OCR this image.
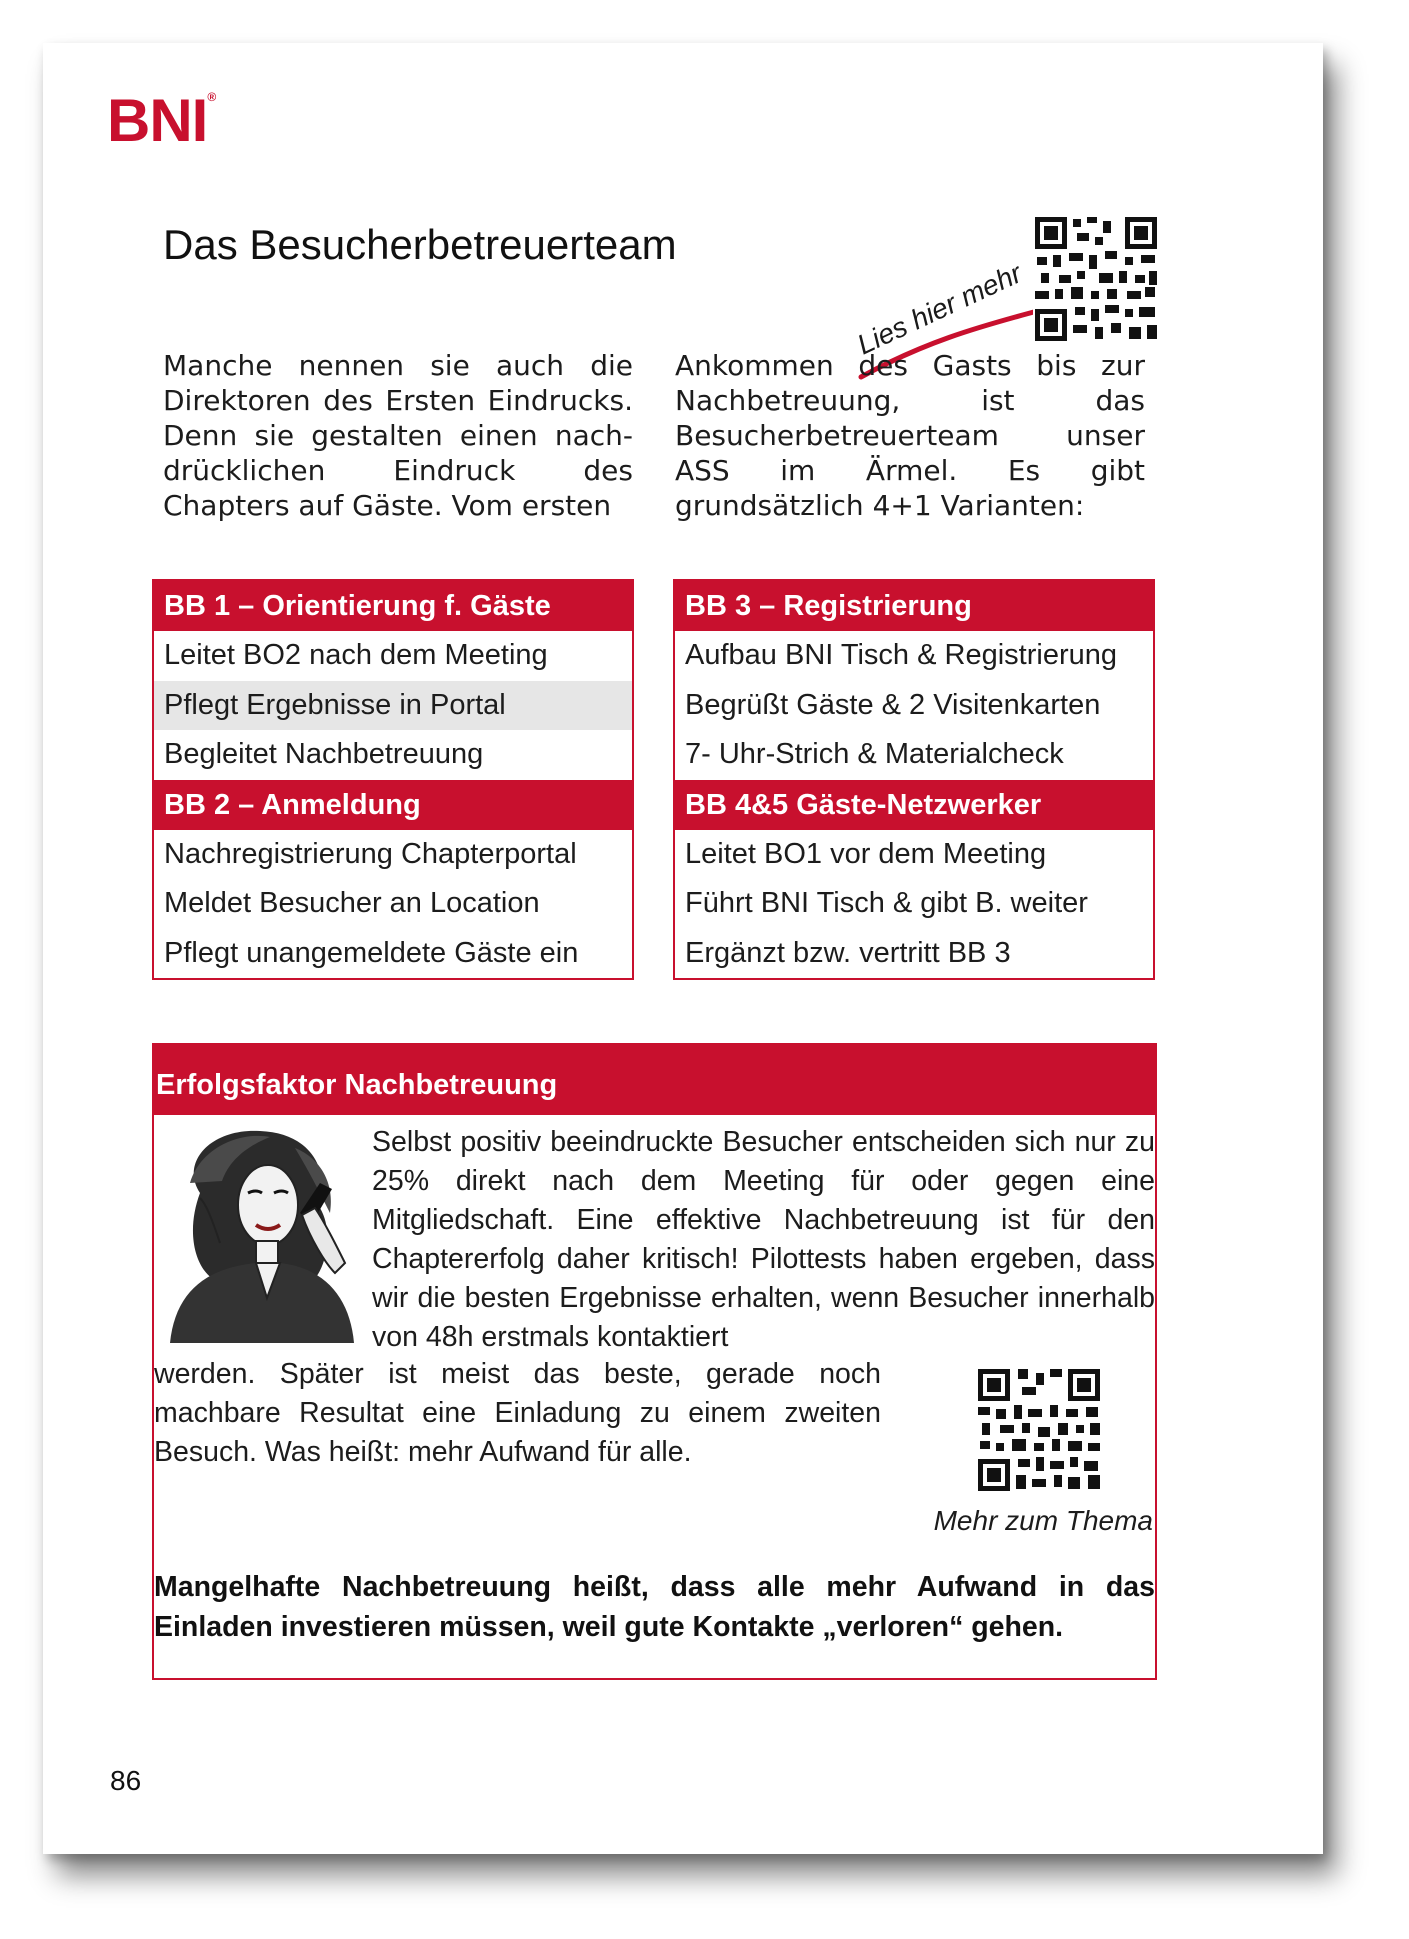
BNI®
Das Besucherbetreuerteam
Lies hier mehr
Manche nennen sie auch die Direktoren des Ersten Eindrucks. Denn sie gestalten einen nach-drücklichen Eindruck des Chapters auf Gäste. Vom ersten
Ankommen des Gasts bis zur Nachbetreuung, ist das Besucherbetreuerteam unser ASS im Ärmel. Es gibt grundsätzlich 4+1 Varianten:
BB 1 – Orientierung f. Gäste
Leitet BO2 nach dem Meeting
Pflegt Ergebnisse in Portal
Begleitet Nachbetreuung
BB 2 – Anmeldung
Nachregistrierung Chapterportal
Meldet Besucher an Location
Pflegt unangemeldete Gäste ein
BB 3 – Registrierung
Aufbau BNI Tisch & Registrierung
Begrüßt Gäste & 2 Visitenkarten
7- Uhr-Strich & Materialcheck
BB 4&5 Gäste-Netzwerker
Leitet BO1 vor dem Meeting
Führt BNI Tisch & gibt B. weiter
Ergänzt bzw. vertritt BB 3
Erfolgsfaktor Nachbetreuung
Selbst positiv beeindruckte Besucher entscheiden sich nur zu 25% direkt nach dem Meeting für oder gegen eine Mitgliedschaft. Eine effektive Nachbetreuung ist für den Chaptererfolg daher kritisch! Pilottests haben ergeben, dass wir die besten Ergebnisse erhalten, wenn Besucher innerhalb von 48h erstmals kontaktiert
werden. Später ist meist das beste, gerade noch machbare Resultat eine Einladung zu einem zweiten Besuch. Was heißt: mehr Aufwand für alle.
Mehr zum Thema
Mangelhafte Nachbetreuung heißt, dass alle mehr Aufwand in das Einladen investieren müssen, weil gute Kontakte „verloren“ gehen.
86
